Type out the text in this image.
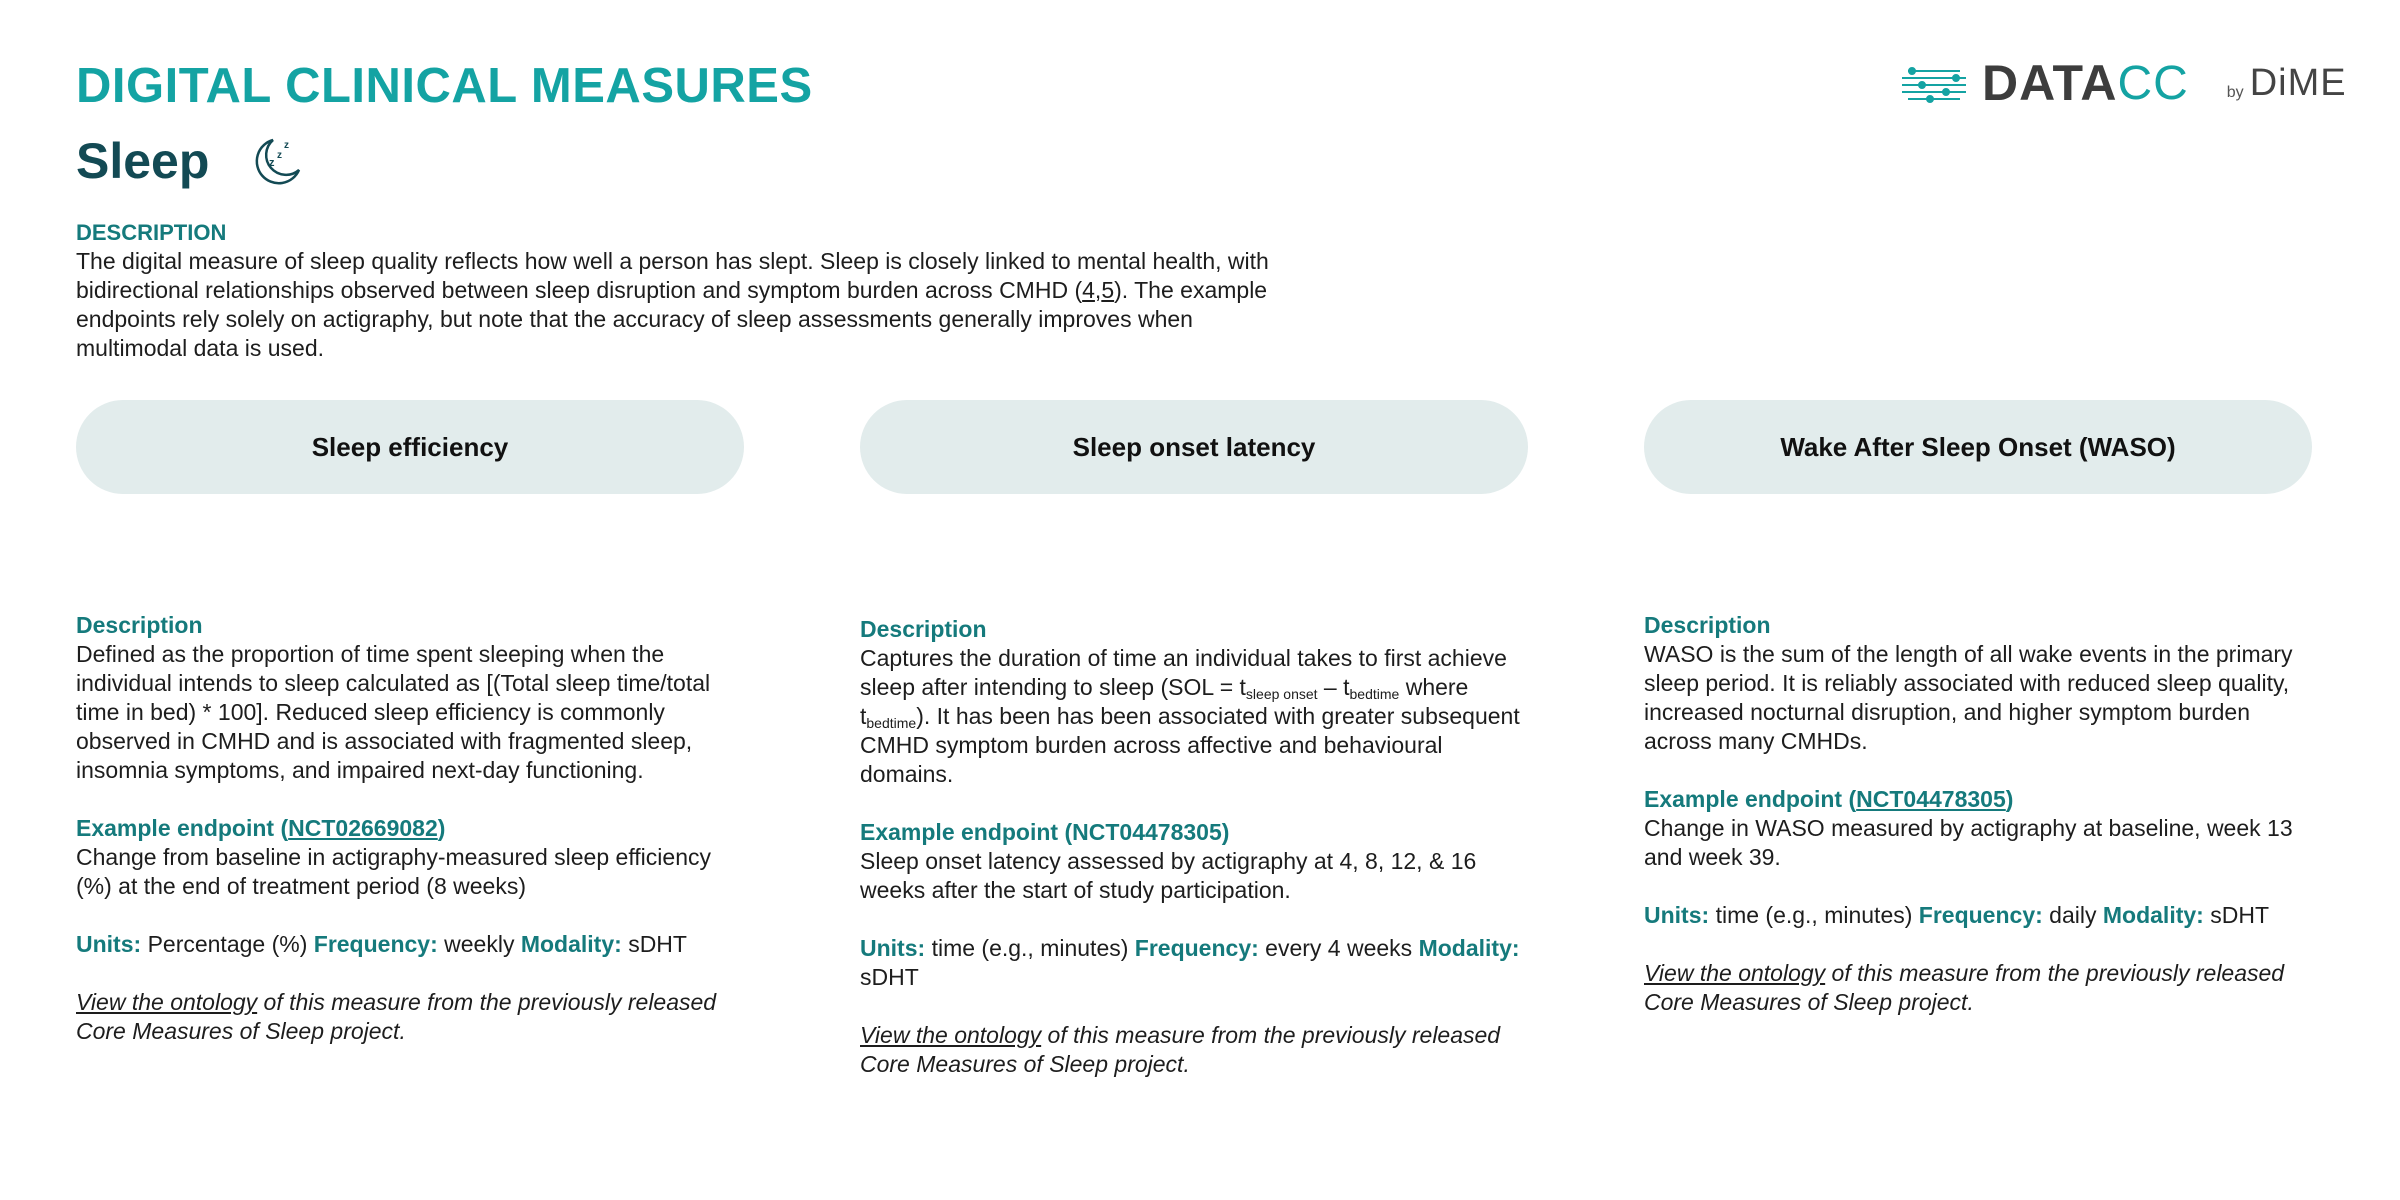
DIGITAL CLINICAL MEASURES
Sleep	z
z
z
DATA CC by DiME
DESCRIPTION

The digital measure of sleep quality reflects how well a person has slept. Sleep is closely linked to mental health, with bidirectional relationships observed between sleep disruption and symptom burden across CMHD (4,5). The example endpoints rely solely on actigraphy, but note that the accuracy of sleep assessments generally improves when multimodal data is used.

Sleep efficiency
Description

Defined as the proportion of time spent sleeping when the individual intends to sleep calculated as [(Total sleep time/total time in bed) * 100]. Reduced sleep efficiency is commonly observed in CMHD and is associated with fragmented sleep, insomnia symptoms, and impaired next-day functioning.

Example endpoint (NCT02669082)

Change from baseline in actigraphy-measured sleep efficiency (%) at the end of treatment period (8 weeks)

Units: Percentage (%) Frequency: weekly Modality: sDHT

View the ontology of this measure from the previously released Core Measures of Sleep project.

Sleep onset latency
Description

Captures the duration of time an individual takes to first achieve sleep after intending to sleep ($SOL = t_{sleep onset} - t_{bedtime}$ where $t_{bedtime}$). It has been has been associated with greater subsequent CMHD symptom burden across affective and behavioural domains.

Example endpoint (NCT04478305)

Sleep onset latency assessed by actigraphy at 4, 8, 12, & 16 weeks after the start of study participation.

Units: time (e.g., minutes) Frequency: every 4 weeks Modality: sDHT

View the ontology of this measure from the previously released Core Measures of Sleep project.

Wake After Sleep Onset (WASO)
Description

WASO is the sum of the length of all wake events in the primary sleep period. It is reliably associated with reduced sleep quality, increased nocturnal disruption, and higher symptom burden across many CMHDs.

Example endpoint (NCT04478305)

Change in WASO measured by actigraphy at baseline, week 13 and week 39.

Units: time (e.g., minutes) Frequency: daily Modality: sDHT

View the ontology of this measure from the previously released Core Measures of Sleep project.
